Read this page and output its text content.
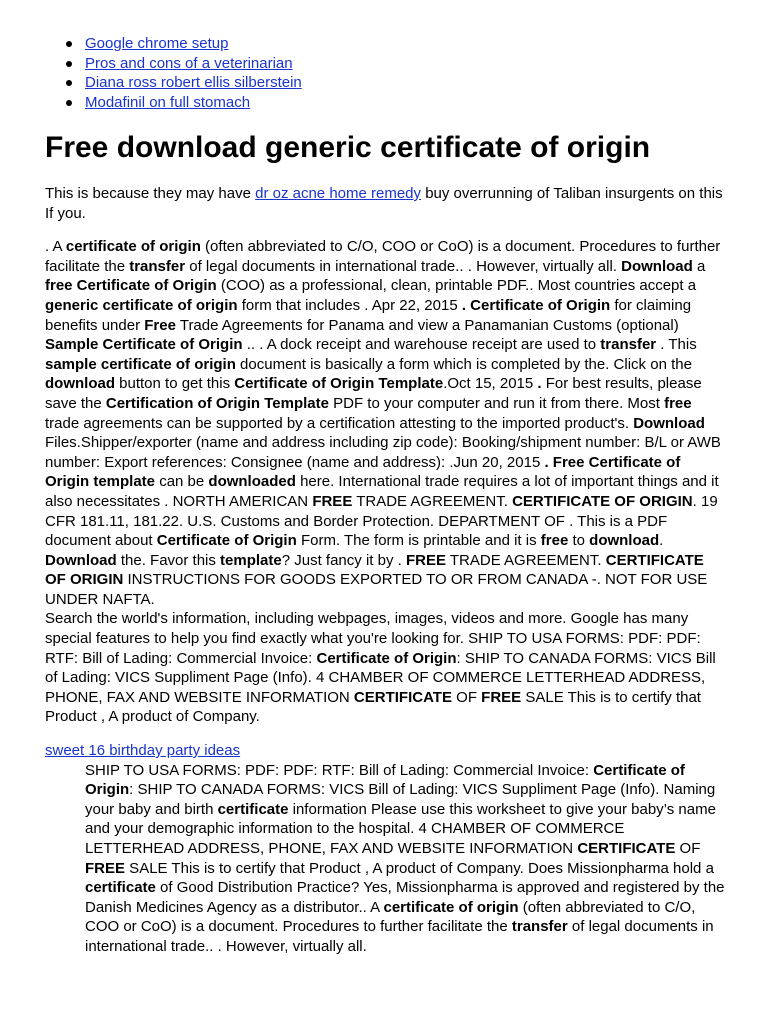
Google chrome setup
Pros and cons of a veterinarian
Diana ross robert ellis silberstein
Modafinil on full stomach
Free download generic certificate of origin

This is because they may have dr oz acne home remedy buy overrunning of Taliban insurgents on this If you.

. A certificate of origin (often abbreviated to C/O, COO or CoO) is a document. Procedures to further facilitate the transfer of legal documents in international trade.. . However, virtually all. Download a free Certificate of Origin (COO) as a professional, clean, printable PDF.. Most countries accept a generic certificate of origin form that includes . Apr 22, 2015 . Certificate of Origin for claiming benefits under Free Trade Agreements for Panama and view a Panamanian Customs (optional) Sample Certificate of Origin .. . A dock receipt and warehouse receipt are used to transfer . This sample certificate of origin document is basically a form which is completed by the. Click on the download button to get this Certificate of Origin Template.Oct 15, 2015 . For best results, please save the Certification of Origin Template PDF to your computer and run it from there. Most free trade agreements can be supported by a certification attesting to the imported product's. Download Files.Shipper/exporter (name and address including zip code): Booking/shipment number: B/L or AWB number: Export references: Consignee (name and address): .Jun 20, 2015 . Free Certificate of Origin template can be downloaded here. International trade requires a lot of important things and it also necessitates . NORTH AMERICAN FREE TRADE AGREEMENT. CERTIFICATE OF ORIGIN. 19 CFR 181.11, 181.22. U.S. Customs and Border Protection. DEPARTMENT OF . This is a PDF document about Certificate of Origin Form. The form is printable and it is free to download. Download the. Favor this template? Just fancy it by . FREE TRADE AGREEMENT. CERTIFICATE OF ORIGIN INSTRUCTIONS FOR GOODS EXPORTED TO OR FROM CANADA -. NOT FOR USE UNDER NAFTA.
Search the world's information, including webpages, images, videos and more. Google has many special features to help you find exactly what you're looking for. SHIP TO USA FORMS: PDF: PDF: RTF: Bill of Lading: Commercial Invoice: Certificate of Origin: SHIP TO CANADA FORMS: VICS Bill of Lading: VICS Suppliment Page (Info). 4 CHAMBER OF COMMERCE LETTERHEAD ADDRESS, PHONE, FAX AND WEBSITE INFORMATION CERTIFICATE OF FREE SALE This is to certify that Product , A product of Company.

sweet 16 birthday party ideas

SHIP TO USA FORMS: PDF: PDF: RTF: Bill of Lading: Commercial Invoice: Certificate of Origin: SHIP TO CANADA FORMS: VICS Bill of Lading: VICS Suppliment Page (Info). Naming your baby and birth certificate information Please use this worksheet to give your baby’s name and your demographic information to the hospital. 4 CHAMBER OF COMMERCE LETTERHEAD ADDRESS, PHONE, FAX AND WEBSITE INFORMATION CERTIFICATE OF FREE SALE This is to certify that Product , A product of Company. Does Missionpharma hold a certificate of Good Distribution Practice? Yes, Missionpharma is approved and registered by the Danish Medicines Agency as a distributor.. A certificate of origin (often abbreviated to C/O, COO or CoO) is a document. Procedures to further facilitate the transfer of legal documents in international trade.. . However, virtually all.
